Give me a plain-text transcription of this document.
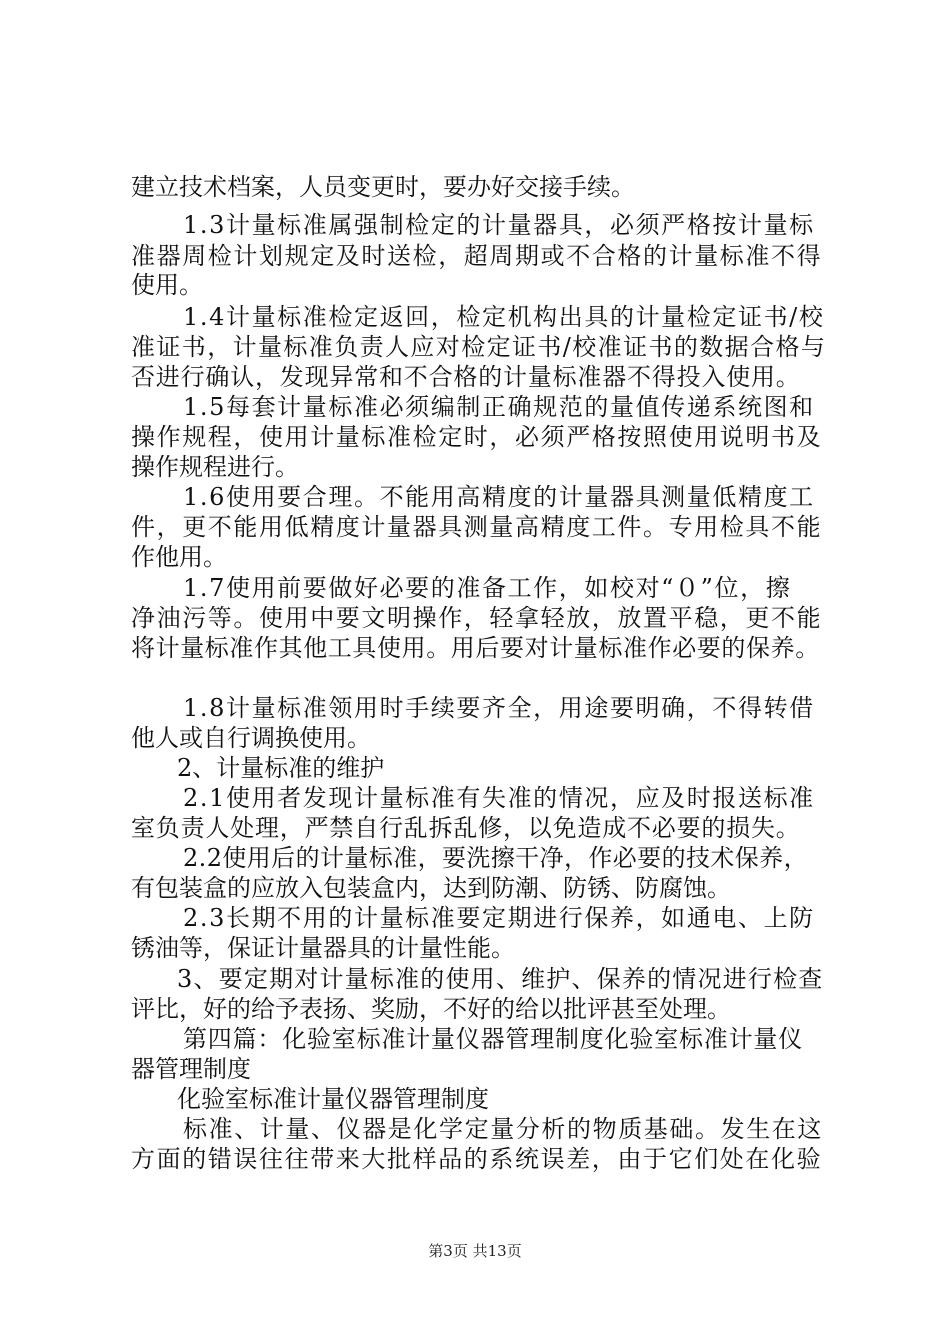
建立技术档案，人员变更时，要办好交接手续。

1.3计量标准属强制检定的计量器具，必须严格按计量标

准器周检计划规定及时送检，超周期或不合格的计量标准不得

使用。

1.4计量标准检定返回，检定机构出具的计量检定证书/校

准证书，计量标准负责人应对检定证书/校准证书的数据合格与

否进行确认，发现异常和不合格的计量标准器不得投入使用。

1.5每套计量标准必须编制正确规范的量值传递系统图和

操作规程，使用计量标准检定时，必须严格按照使用说明书及

操作规程进行。

1.6使用要合理。不能用高精度的计量器具测量低精度工

件，更不能用低精度计量器具测量高精度工件。专用检具不能

作他用。

1.7使用前要做好必要的准备工作，如校对“０”位，擦

净油污等。使用中要文明操作，轻拿轻放，放置平稳，更不能

将计量标准作其他工具使用。用后要对计量标准作必要的保养。

1.8计量标准领用时手续要齐全，用途要明确，不得转借

他人或自行调换使用。

2、计量标准的维护

2.1使用者发现计量标准有失准的情况，应及时报送标准

室负责人处理，严禁自行乱拆乱修，以免造成不必要的损失。

2.2使用后的计量标准，要洗擦干净，作必要的技术保养，

有包装盒的应放入包装盒内，达到防潮、防锈、防腐蚀。

2.3长期不用的计量标准要定期进行保养，如通电、上防

锈油等，保证计量器具的计量性能。

3、要定期对计量标准的使用、维护、保养的情况进行检查

评比，好的给予表扬、奖励，不好的给以批评甚至处理。

第四篇：化验室标准计量仪器管理制度化验室标准计量仪

器管理制度

化验室标准计量仪器管理制度

标准、计量、仪器是化学定量分析的物质基础。发生在这

方面的错误往往带来大批样品的系统误差，由于它们处在化验

第3页 共13页
